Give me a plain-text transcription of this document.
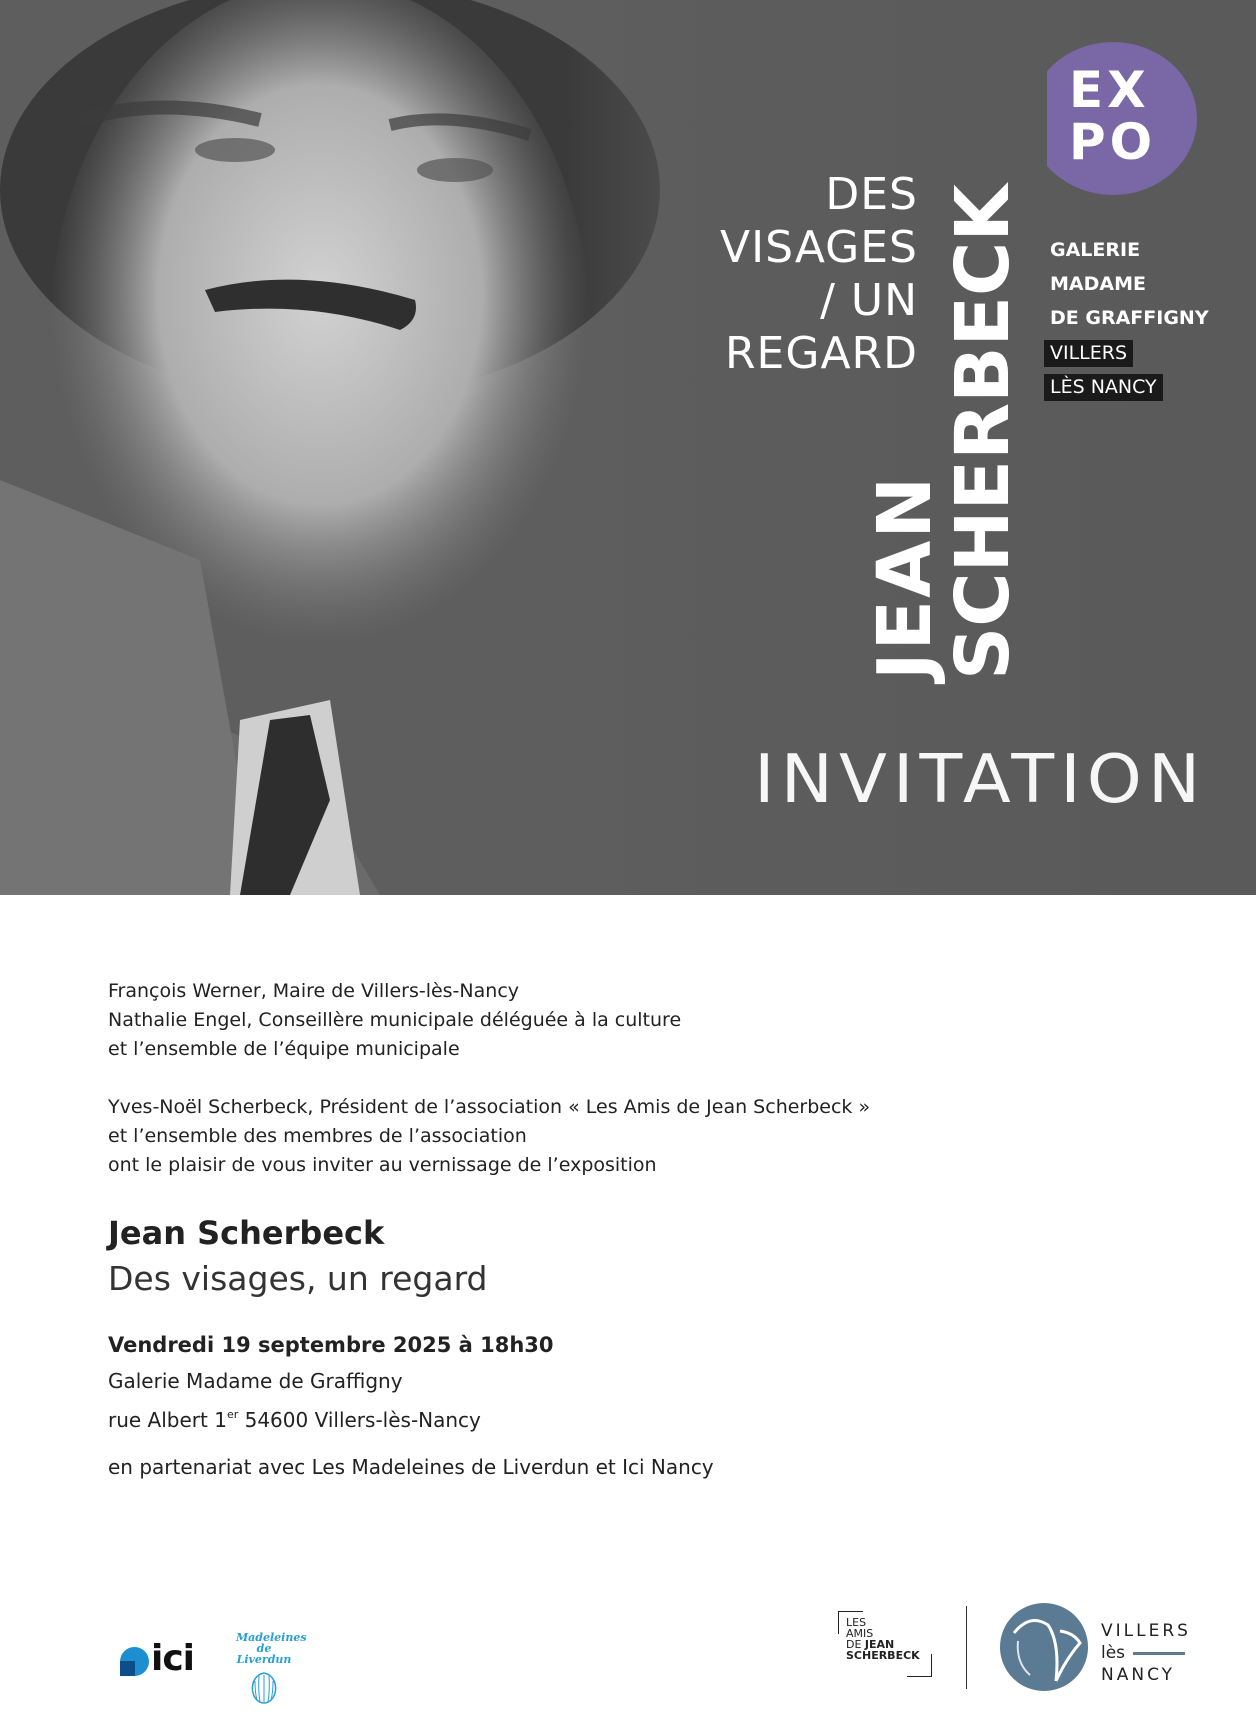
DES
VISAGES
/ UN
REGARD
JEAN
SCHERBECK
EX
PO
GALERIE
MADAME
DE GRAFFIGNY
VILLERS
LÈS NANCY
INVITATION
François Werner, Maire de Villers-lès-Nancy
Nathalie Engel, Conseillère municipale déléguée à la culture
et l’ensemble de l’équipe municipale
Yves-Noël Scherbeck, Président de l’association « Les Amis de Jean Scherbeck »
et l’ensemble des membres de l’association
ont le plaisir de vous inviter au vernissage de l’exposition
Jean Scherbeck
Des visages, un regard
Vendredi 19 septembre 2025 à 18h30
Galerie Madame de Graffigny
rue Albert 1er 54600 Villers-lès-Nancy
en partenariat avec Les Madeleines de Liverdun et Ici Nancy
ici
Madeleines
de Liverdun
LES
AMIS
DE JEAN
SCHERBECK
VILLERS
lès
NANCY
